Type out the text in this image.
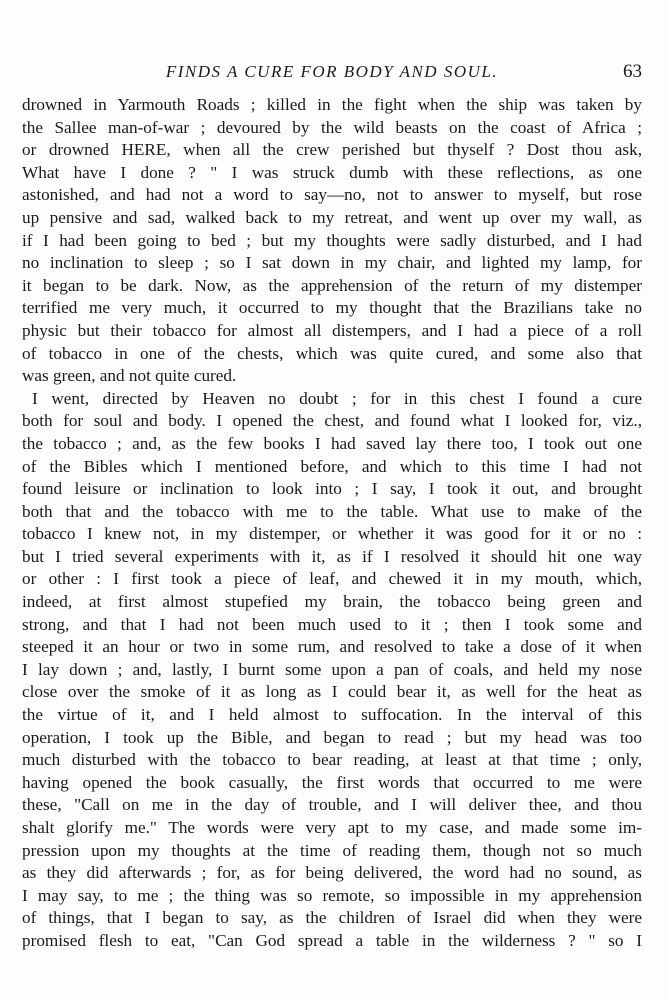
FINDS A CURE FOR BODY AND SOUL.	63
drowned in Yarmouth Roads ; killed in the fight when the ship was taken by
the Sallee man-of-war ; devoured by the wild beasts on the coast of Africa ;
or drowned HERE, when all the crew perished but thyself ? Dost thou ask,
What have I done ? " I was struck dumb with these reflections, as one
astonished, and had not a word to say—no, not to answer to myself, but rose
up pensive and sad, walked back to my retreat, and went up over my wall, as
if I had been going to bed ; but my thoughts were sadly disturbed, and I had
no inclination to sleep ; so I sat down in my chair, and lighted my lamp, for
it began to be dark. Now, as the apprehension of the return of my distemper
terrified me very much, it occurred to my thought that the Brazilians take no
physic but their tobacco for almost all distempers, and I had a piece of a roll
of tobacco in one of the chests, which was quite cured, and some also that
was green, and not quite cured.
I went, directed by Heaven no doubt ; for in this chest I found a cure
both for soul and body. I opened the chest, and found what I looked for, viz.,
the tobacco ; and, as the few books I had saved lay there too, I took out one
of the Bibles which I mentioned before, and which to this time I had not
found leisure or inclination to look into ; I say, I took it out, and brought
both that and the tobacco with me to the table. What use to make of the
tobacco I knew not, in my distemper, or whether it was good for it or no :
but I tried several experiments with it, as if I resolved it should hit one way
or other : I first took a piece of leaf, and chewed it in my mouth, which,
indeed, at first almost stupefied my brain, the tobacco being green and
strong, and that I had not been much used to it ; then I took some and
steeped it an hour or two in some rum, and resolved to take a dose of it when
I lay down ; and, lastly, I burnt some upon a pan of coals, and held my nose
close over the smoke of it as long as I could bear it, as well for the heat as
the virtue of it, and I held almost to suffocation. In the interval of this
operation, I took up the Bible, and began to read ; but my head was too
much disturbed with the tobacco to bear reading, at least at that time ; only,
having opened the book casually, the first words that occurred to me were
these, "Call on me in the day of trouble, and I will deliver thee, and thou
shalt glorify me." The words were very apt to my case, and made some im-
pression upon my thoughts at the time of reading them, though not so much
as they did afterwards ; for, as for being delivered, the word had no sound, as
I may say, to me ; the thing was so remote, so impossible in my apprehension
of things, that I began to say, as the children of Israel did when they were
promised flesh to eat, "Can God spread a table in the wilderness ? " so I
